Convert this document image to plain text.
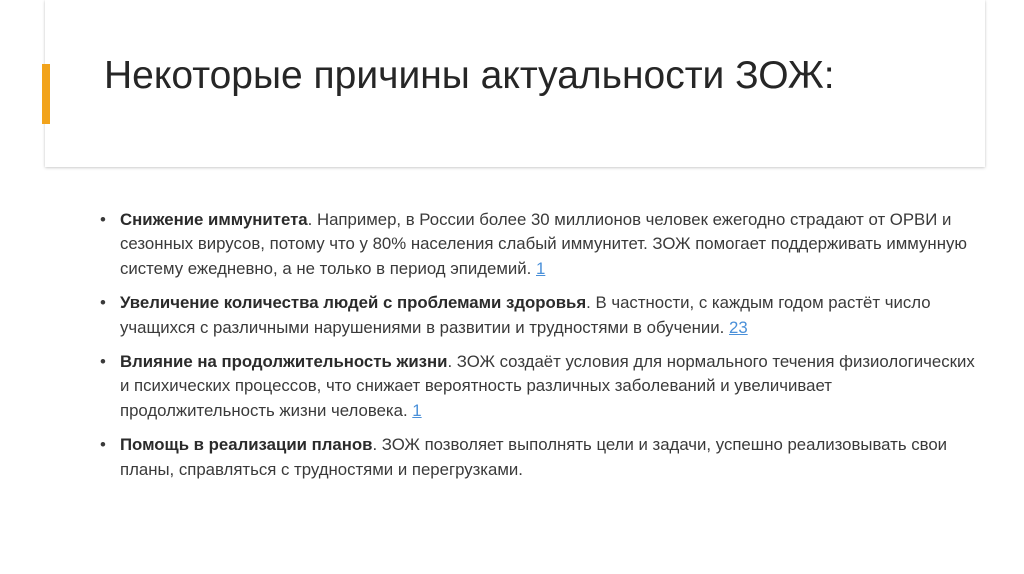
Некоторые причины актуальности ЗОЖ:
• Снижение иммунитета. Например, в России более 30 миллионов человек ежегодно страдают от ОРВИ и сезонных вирусов, потому что у 80% населения слабый иммунитет. ЗОЖ помогает поддерживать иммунную систему ежедневно, а не только в период эпидемий. 1
• Увеличение количества людей с проблемами здоровья. В частности, с каждым годом растёт число учащихся с различными нарушениями в развитии и трудностями в обучении. 23
• Влияние на продолжительность жизни. ЗОЖ создаёт условия для нормального течения физиологических и психических процессов, что снижает вероятность различных заболеваний и увеличивает продолжительность жизни человека. 1
• Помощь в реализации планов. ЗОЖ позволяет выполнять цели и задачи, успешно реализовывать свои планы, справляться с трудностями и перегрузками.
